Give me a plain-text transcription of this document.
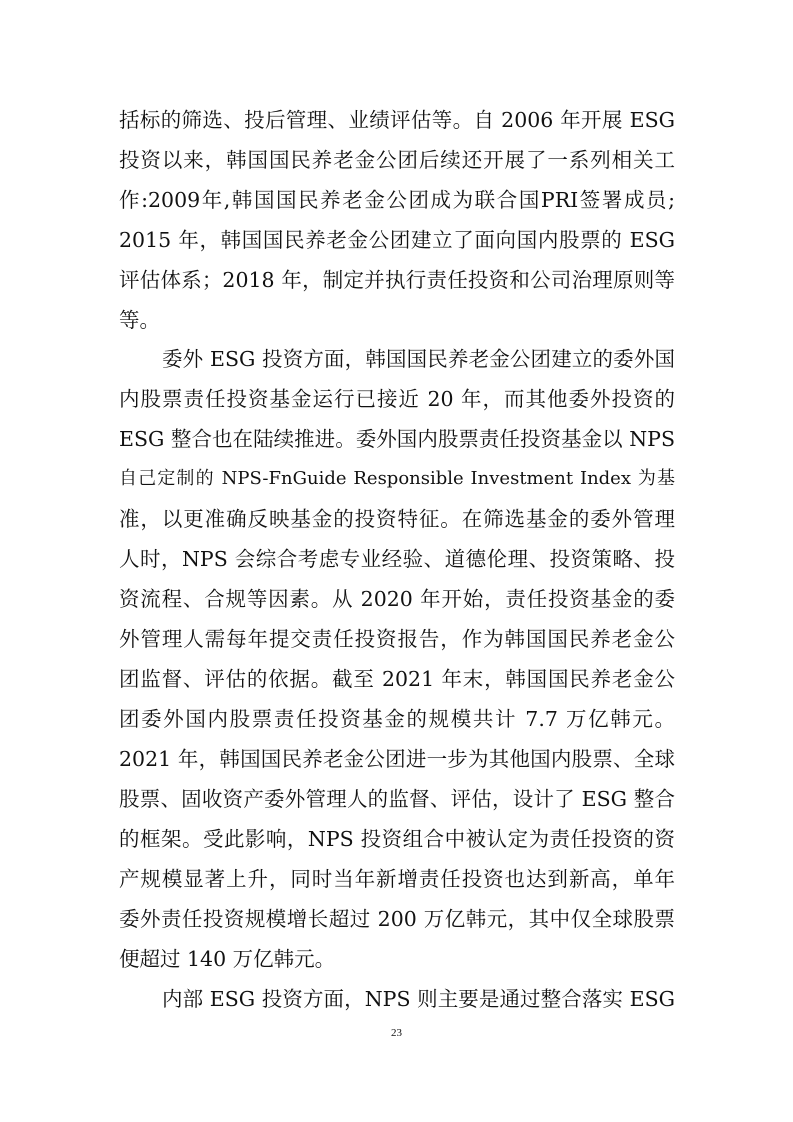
括标的筛选、投后管理、业绩评估等。自 2006 年开展 ESG
投资以来，韩国国民养老金公团后续还开展了一系列相关工
作:2009年,韩国国民养老金公团成为联合国PRI签署成员;
2015 年，韩国国民养老金公团建立了面向国内股票的 ESG
评估体系；2018 年，制定并执行责任投资和公司治理原则等
等。
委外 ESG 投资方面，韩国国民养老金公团建立的委外国
内股票责任投资基金运行已接近 20 年，而其他委外投资的
ESG 整合也在陆续推进。委外国内股票责任投资基金以 NPS
自己定制的 NPS-FnGuide Responsible Investment Index 为基
准，以更准确反映基金的投资特征。在筛选基金的委外管理
人时，NPS 会综合考虑专业经验、道德伦理、投资策略、投
资流程、合规等因素。从 2020 年开始，责任投资基金的委
外管理人需每年提交责任投资报告，作为韩国国民养老金公
团监督、评估的依据。截至 2021 年末，韩国国民养老金公
团委外国内股票责任投资基金的规模共计 7.7 万亿韩元。
2021 年，韩国国民养老金公团进一步为其他国内股票、全球
股票、固收资产委外管理人的监督、评估，设计了 ESG 整合
的框架。受此影响，NPS 投资组合中被认定为责任投资的资
产规模显著上升，同时当年新增责任投资也达到新高，单年
委外责任投资规模增长超过 200 万亿韩元，其中仅全球股票
便超过 140 万亿韩元。
内部 ESG 投资方面，NPS 则主要是通过整合落实 ESG
23
